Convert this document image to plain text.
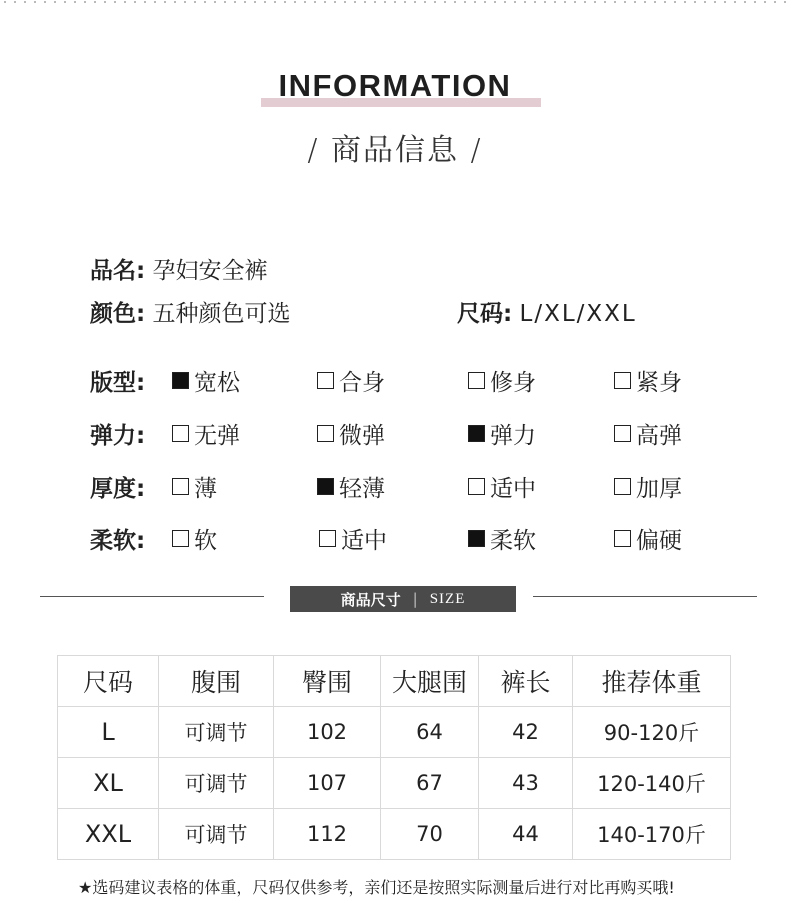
INFORMATION
/ 商品信息 /
品名: 孕妇安全裤
颜色: 五种颜色可选	尺码: L/XL/XXL
版型: 宽松	合身	修身	紧身
弹力: 无弹	微弹	弹力	高弹
厚度: 薄	轻薄	适中	加厚
柔软: 软	适中	柔软	偏硬
商品尺寸 | SIZE
尺码	腹围	臀围	大腿围	裤长	推荐体重
L	可调节	102	64	42	90-120斤
XL	可调节	107	67	43	120-140斤
XXL	可调节	112	70	44	140-170斤
★选码建议表格的体重，尺码仅供参考，亲们还是按照实际测量后进行对比再购买哦!
